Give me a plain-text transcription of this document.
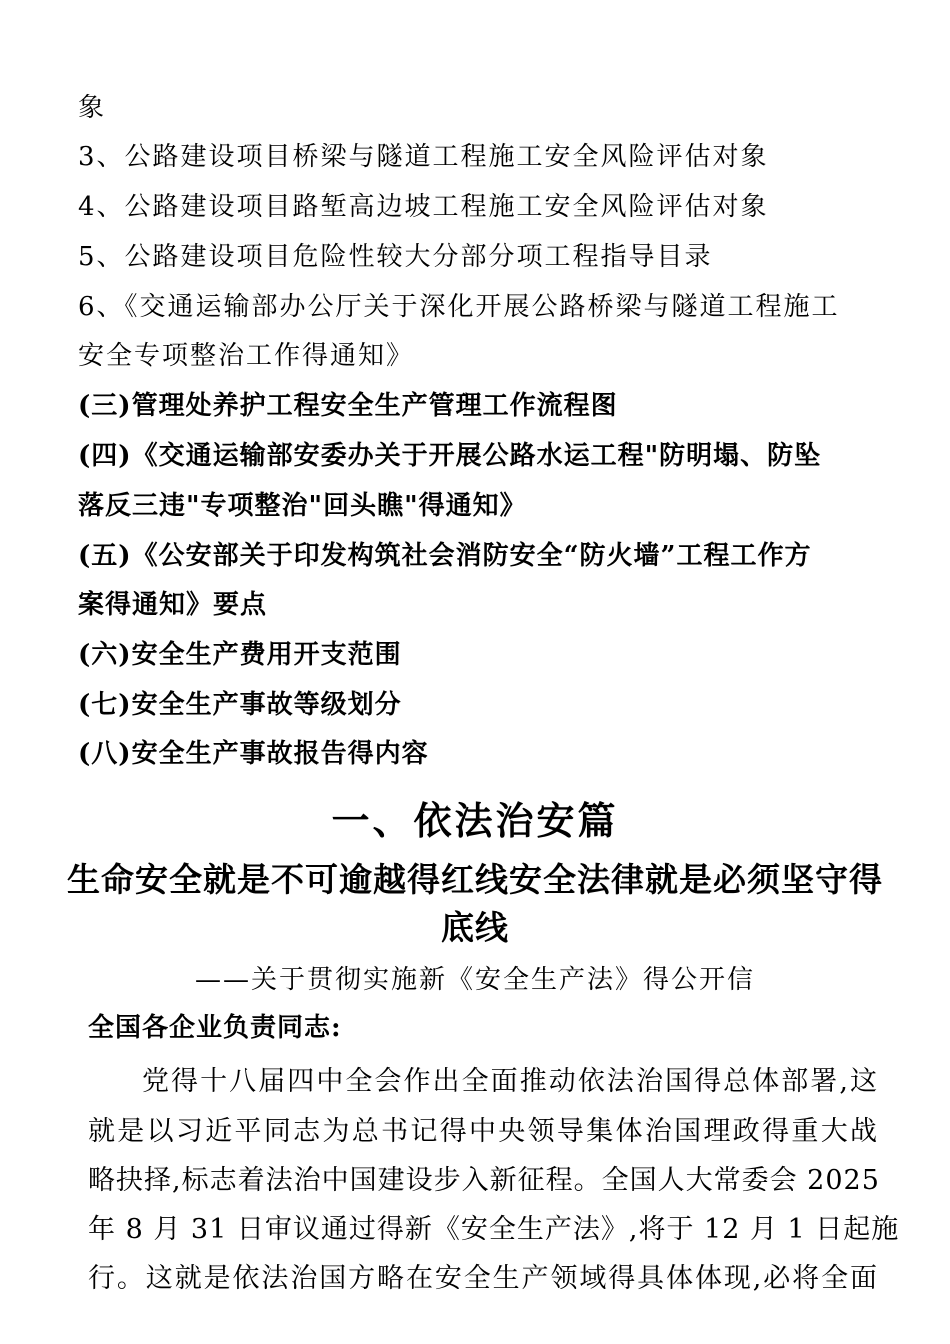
象
3、公路建设项目桥梁与隧道工程施工安全风险评估对象
4、公路建设项目路堑高边坡工程施工安全风险评估对象
5、公路建设项目危险性较大分部分项工程指导目录
6、《交通运输部办公厅关于深化开展公路桥梁与隧道工程施工
安全专项整治工作得通知》
(三)管理处养护工程安全生产管理工作流程图
(四)《交通运输部安委办关于开展公路水运工程"防明塌、防坠
落反三违"专项整治"回头瞧"得通知》
(五)《公安部关于印发构筑社会消防安全“防火墙”工程工作方
案得通知》要点
(六)安全生产费用开支范围
(七)安全生产事故等级划分
(八)安全生产事故报告得内容
一、依法治安篇
生命安全就是不可逾越得红线安全法律就是必须坚守得
底线
——关于贯彻实施新《安全生产法》得公开信
全国各企业负责同志:
党得十八届四中全会作出全面推动依法治国得总体部署,这
就是以习近平同志为总书记得中央领导集体治国理政得重大战
略抉择,标志着法治中国建设步入新征程。全国人大常委会 2025
年 8 月 31 日审议通过得新《安全生产法》,将于 12 月 1 日起施
行。这就是依法治国方略在安全生产领域得具体体现,必将全面
